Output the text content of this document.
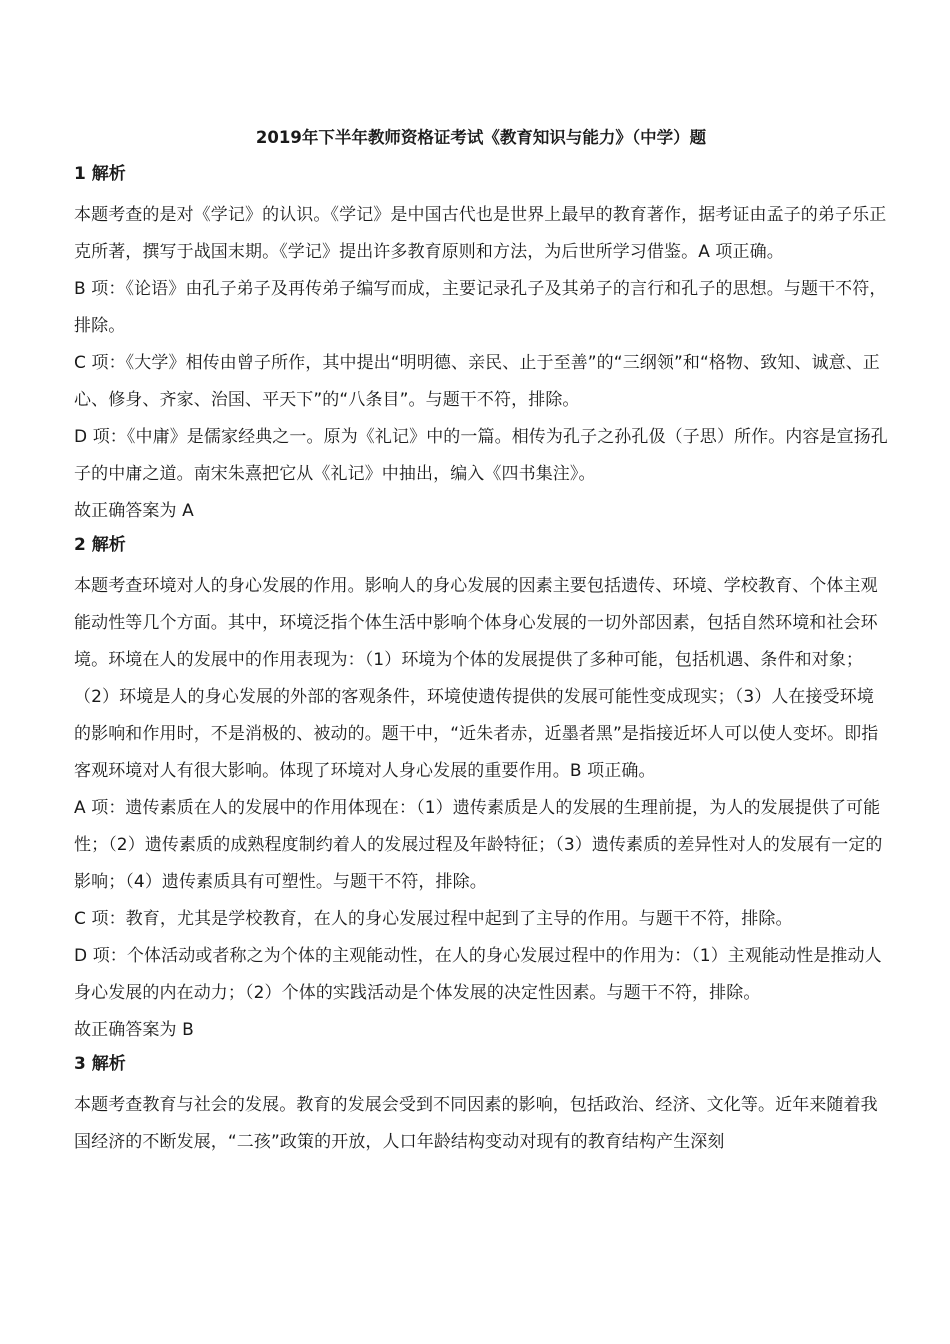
2019年下半年教师资格证考试《教育知识与能力》（中学）题
1 解析

本题考查的是对《学记》的认识。《学记》是中国古代也是世界上最早的教育著作，据考证由孟子的弟子乐正克所著，撰写于战国末期。《学记》提出许多教育原则和方法，为后世所学习借鉴。A 项正确。

B 项：《论语》由孔子弟子及再传弟子编写而成，主要记录孔子及其弟子的言行和孔子的思想。与题干不符，排除。

C 项：《大学》相传由曾子所作，其中提出“明明德、亲民、止于至善”的“三纲领”和“格物、致知、诚意、正心、修身、齐家、治国、平天下”的“八条目”。与题干不符，排除。

D 项：《中庸》是儒家经典之一。原为《礼记》中的一篇。相传为孔子之孙孔伋（子思）所作。内容是宣扬孔子的中庸之道。南宋朱熹把它从《礼记》中抽出，编入《四书集注》。

故正确答案为 A

2 解析

本题考查环境对人的身心发展的作用。影响人的身心发展的因素主要包括遗传、环境、学校教育、个体主观能动性等几个方面。其中，环境泛指个体生活中影响个体身心发展的一切外部因素，包括自然环境和社会环境。环境在人的发展中的作用表现为：（1）环境为个体的发展提供了多种可能，包括机遇、条件和对象；（2）环境是人的身心发展的外部的客观条件，环境使遗传提供的发展可能性变成现实；（3）人在接受环境的影响和作用时，不是消极的、被动的。题干中，“近朱者赤，近墨者黑”是指接近坏人可以使人变坏。即指客观环境对人有很大影响。体现了环境对人身心发展的重要作用。B 项正确。

A 项：遗传素质在人的发展中的作用体现在：（1）遗传素质是人的发展的生理前提，为人的发展提供了可能性；（2）遗传素质的成熟程度制约着人的发展过程及年龄特征；（3）遗传素质的差异性对人的发展有一定的影响；（4）遗传素质具有可塑性。与题干不符，排除。

C 项：教育，尤其是学校教育，在人的身心发展过程中起到了主导的作用。与题干不符，排除。

D 项：个体活动或者称之为个体的主观能动性，在人的身心发展过程中的作用为：（1）主观能动性是推动人身心发展的内在动力；（2）个体的实践活动是个体发展的决定性因素。与题干不符，排除。

故正确答案为 B

3 解析

本题考查教育与社会的发展。教育的发展会受到不同因素的影响，包括政治、经济、文化等。近年来随着我国经济的不断发展，“二孩”政策的开放，人口年龄结构变动对现有的教育结构产生深刻
